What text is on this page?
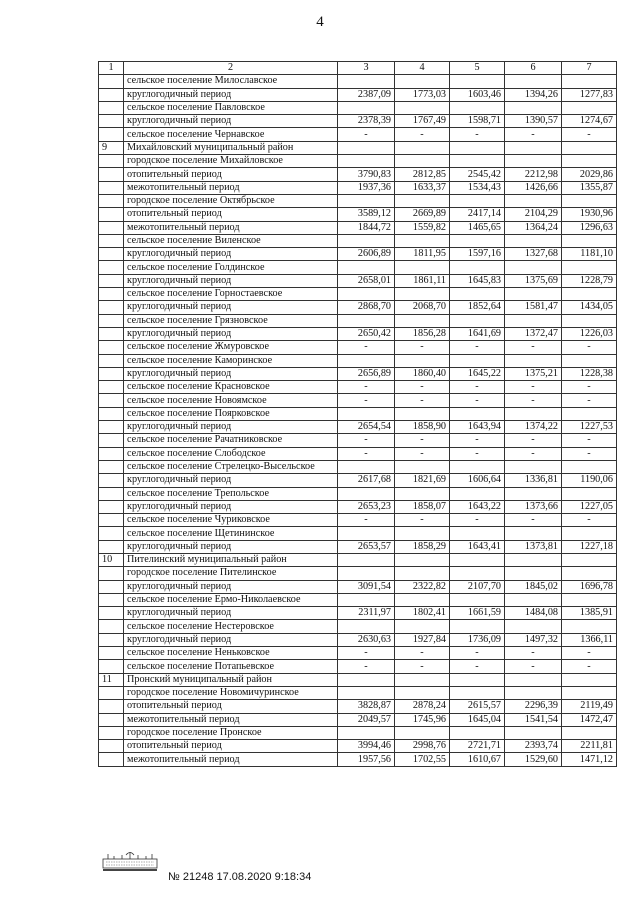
4
1	2	3	4	5	6	7
	сельское поселение Милославское					
	круглогодичный период	2387,09	1773,03	1603,46	1394,26	1277,83
	сельское поселение Павловское					
	круглогодичный период	2378,39	1767,49	1598,71	1390,57	1274,67
	сельское поселение Чернавское	-	-	-	-	-
9	Михайловский муниципальный район					
	городское поселение Михайловское					
	отопительный период	3790,83	2812,85	2545,42	2212,98	2029,86
	межотопительный период	1937,36	1633,37	1534,43	1426,66	1355,87
	городское поселение Октябрьское					
	отопительный период	3589,12	2669,89	2417,14	2104,29	1930,96
	межотопительный период	1844,72	1559,82	1465,65	1364,24	1296,63
	сельское поселение Виленское					
	круглогодичный период	2606,89	1811,95	1597,16	1327,68	1181,10
	сельское поселение Голдинское					
	круглогодичный период	2658,01	1861,11	1645,83	1375,69	1228,79
	сельское поселение Горностаевское					
	круглогодичный период	2868,70	2068,70	1852,64	1581,47	1434,05
	сельское поселение Грязновское					
	круглогодичный период	2650,42	1856,28	1641,69	1372,47	1226,03
	сельское поселение Жмуровское	-	-	-	-	-
	сельское поселение Каморинское					
	круглогодичный период	2656,89	1860,40	1645,22	1375,21	1228,38
	сельское поселение Красновское	-	-	-	-	-
	сельское поселение Новоямское	-	-	-	-	-
	сельское поселение Поярковское					
	круглогодичный период	2654,54	1858,90	1643,94	1374,22	1227,53
	сельское поселение Рачатниковское	-	-	-	-	-
	сельское поселение Слободское	-	-	-	-	-
	сельское поселение Стрелецко-Высельское					
	круглогодичный период	2617,68	1821,69	1606,64	1336,81	1190,06
	сельское поселение Трепольское					
	круглогодичный период	2653,23	1858,07	1643,22	1373,66	1227,05
	сельское поселение Чуриковское	-	-	-	-	-
	сельское поселение Щетининское					
	круглогодичный период	2653,57	1858,29	1643,41	1373,81	1227,18
10	Пителинский муниципальный район					
	городское поселение Пителинское					
	круглогодичный период	3091,54	2322,82	2107,70	1845,02	1696,78
	сельское поселение Ермо-Николаевское					
	круглогодичный период	2311,97	1802,41	1661,59	1484,08	1385,91
	сельское поселение Нестеровское					
	круглогодичный период	2630,63	1927,84	1736,09	1497,32	1366,11
	сельское поселение Неньковское	-	-	-	-	-
	сельское поселение Потапьевское	-	-	-	-	-
11	Пронский муниципальный район					
	городское поселение Новомичуринское					
	отопительный период	3828,87	2878,24	2615,57	2296,39	2119,49
	межотопительный период	2049,57	1745,96	1645,04	1541,54	1472,47
	городское поселение Пронское					
	отопительный период	3994,46	2998,76	2721,71	2393,74	2211,81
	межотопительный период	1957,56	1702,55	1610,67	1529,60	1471,12
№ 21248 17.08.2020 9:18:34
